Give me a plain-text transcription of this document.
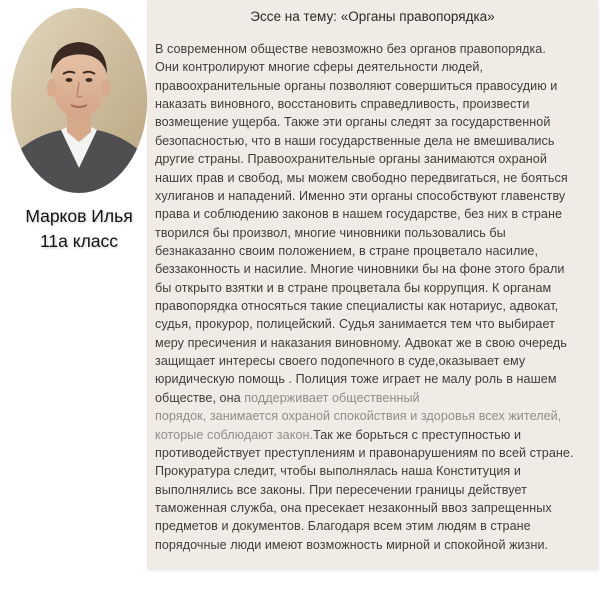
Марков Илья
11а класс
Эссе на тему: «Органы правопорядка»
В современном обществе невозможно без органов правопорядка.
Они контролируют многие сферы деятельности людей,
правоохранительные органы позволяют совершиться правосудию и
наказать виновного, восстановить справедливость, произвести
возмещение ущерба. Также эти органы следят за государственной
безопасностью, что в наши государственные дела не вмешивались
другие страны. Правоохранительные органы занимаются охраной
наших прав и свобод, мы можем свободно передвигаться, не бояться
хулиганов и нападений. Именно эти органы способствуют главенству
права и соблюдению законов в нашем государстве, без них в стране
творился бы произвол, многие чиновники пользовались бы
безнаказанно своим положением, в стране процветало насилие,
беззаконность и насилие. Многие чиновники бы на фоне этого брали
бы открыто взятки и в стране процветала бы коррупция. К органам
правопорядка относяться такие специалисты как нотариус, адвокат,
судья, прокурор, полицейский. Судья занимается тем что выбирает
меру пресичения и наказания виновному. Адвокат же в свою очередь
защищает интересы своего подопечного в суде,оказывает ему
юридическую помощь . Полиция тоже играет не малу роль в нашем
обществе, она поддерживает общественный
порядок, занимается охраной спокойствия и здоровья всех жителей,
которые соблюдают закон.Так же борьться с преступностью и
противодействует преступлениям и правонарушениям по всей стране.
Прокуратура следит, чтобы выполнялась наша Конституция и
выполнялись все законы. При пересечении границы действует
таможенная служба, она пресекает незаконный ввоз запрещенных
предметов и документов. Благодаря всем этим людям в стране
порядочные люди имеют возможность мирной и спокойной жизни.
